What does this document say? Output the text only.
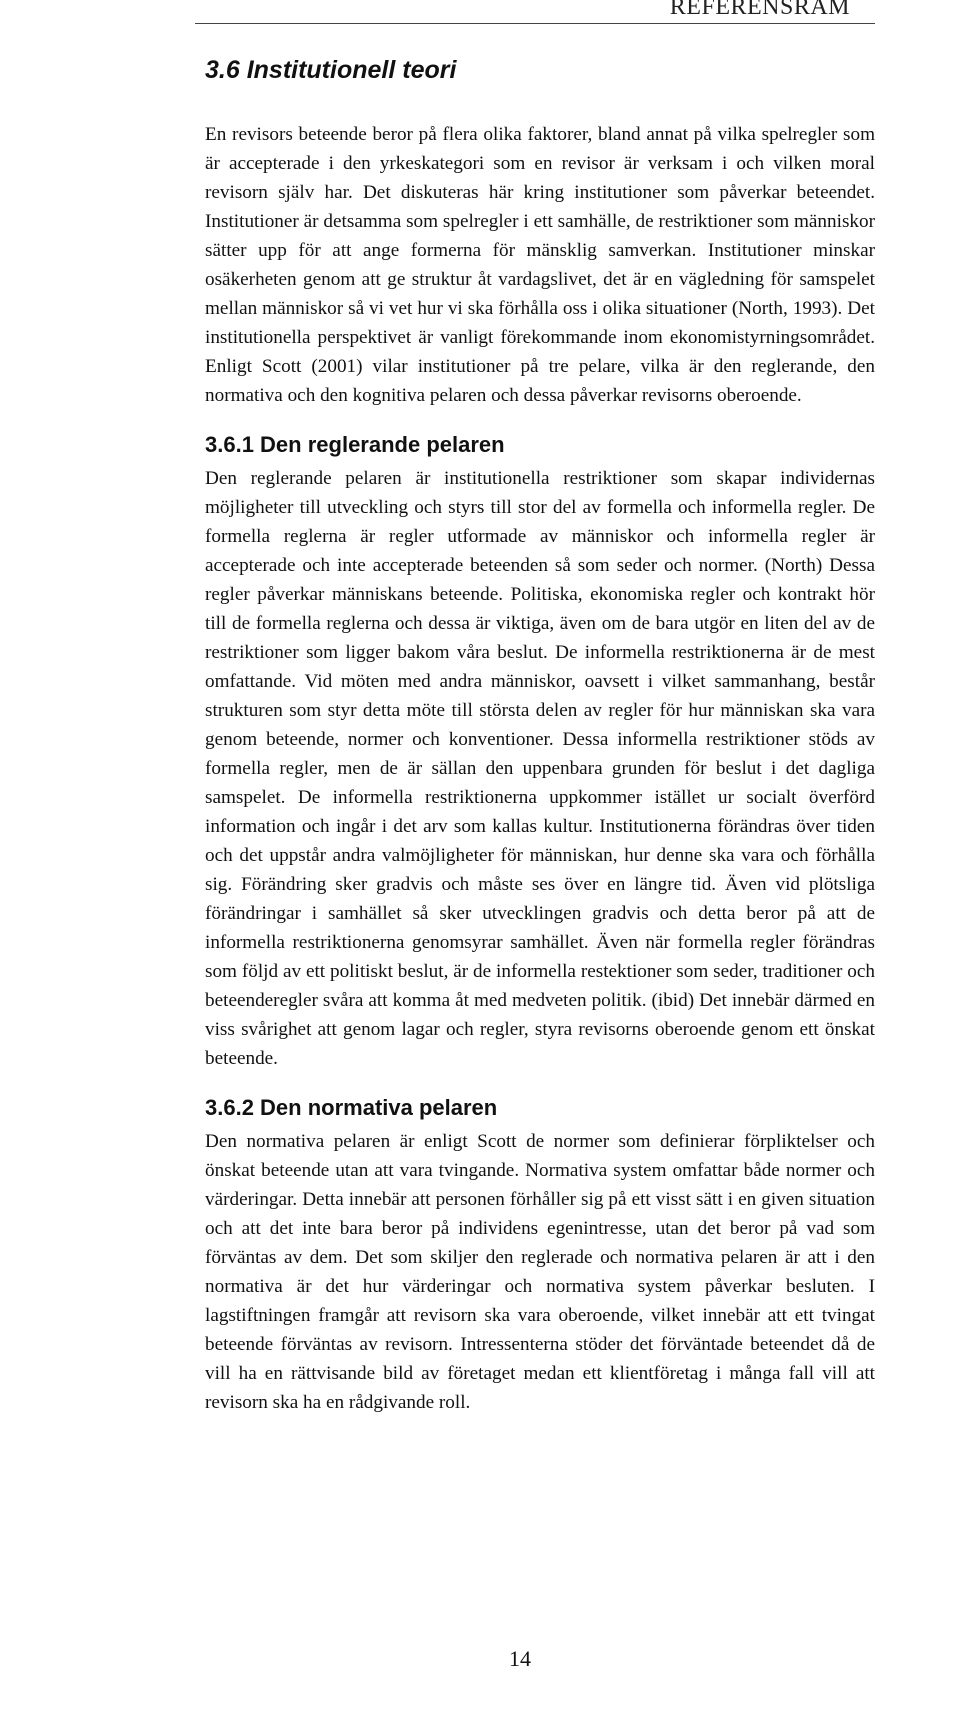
REFERENSRAM
3.6 Institutionell teori

En revisors beteende beror på flera olika faktorer, bland annat på vilka spelregler som är accepterade i den yrkeskategori som en revisor är verksam i och vilken moral revisorn själv har. Det diskuteras här kring institutioner som påverkar beteendet. Institutioner är detsamma som spelregler i ett samhälle, de restriktioner som människor sätter upp för att ange formerna för mänsklig samverkan. Institutioner minskar osäkerheten genom att ge struktur åt vardagslivet, det är en vägledning för samspelet mellan människor så vi vet hur vi ska förhålla oss i olika situationer (North, 1993). Det institutionella perspektivet är vanligt förekommande inom ekonomistyrningsområdet. Enligt Scott (2001) vilar institutioner på tre pelare, vilka är den reglerande, den normativa och den kognitiva pelaren och dessa påverkar revisorns oberoende.

3.6.1 Den reglerande pelaren

Den reglerande pelaren är institutionella restriktioner som skapar individernas möjligheter till utveckling och styrs till stor del av formella och informella regler. De formella reglerna är regler utformade av människor och informella regler är accepterade och inte accepterade beteenden så som seder och normer. (North) Dessa regler påverkar människans beteende. Politiska, ekonomiska regler och kontrakt hör till de formella reglerna och dessa är viktiga, även om de bara utgör en liten del av de restriktioner som ligger bakom våra beslut. De informella restriktionerna är de mest omfattande. Vid möten med andra människor, oavsett i vilket sammanhang, består strukturen som styr detta möte till största delen av regler för hur människan ska vara genom beteende, normer och konventioner. Dessa informella restriktioner stöds av formella regler, men de är sällan den uppenbara grunden för beslut i det dagliga samspelet. De informella restriktionerna uppkommer istället ur socialt överförd information och ingår i det arv som kallas kultur. Institutionerna förändras över tiden och det uppstår andra valmöjligheter för människan, hur denne ska vara och förhålla sig. Förändring sker gradvis och måste ses över en längre tid. Även vid plötsliga förändringar i samhället så sker utvecklingen gradvis och detta beror på att de informella restriktionerna genomsyrar samhället. Även när formella regler förändras som följd av ett politiskt beslut, är de informella restektioner som seder, traditioner och beteenderegler svåra att komma åt med medveten politik. (ibid) Det innebär därmed en viss svårighet att genom lagar och regler, styra revisorns oberoende genom ett önskat beteende.

3.6.2 Den normativa pelaren

Den normativa pelaren är enligt Scott de normer som definierar förpliktelser och önskat beteende utan att vara tvingande. Normativa system omfattar både normer och värderingar. Detta innebär att personen förhåller sig på ett visst sätt i en given situation och att det inte bara beror på individens egenintresse, utan det beror på vad som förväntas av dem. Det som skiljer den reglerade och normativa pelaren är att i den normativa är det hur värderingar och normativa system påverkar besluten. I lagstiftningen framgår att revisorn ska vara oberoende, vilket innebär att ett tvingat beteende förväntas av revisorn. Intressenterna stöder det förväntade beteendet då de vill ha en rättvisande bild av företaget medan ett klientföretag i många fall vill att revisorn ska ha en rådgivande roll.

14
